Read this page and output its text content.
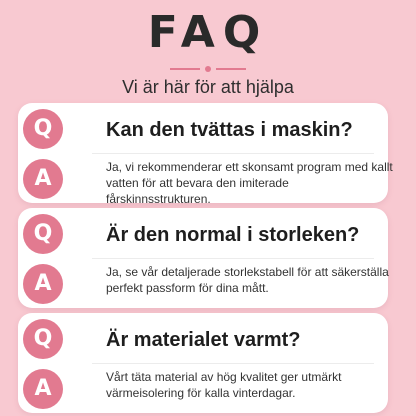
FAQ
Vi är här för att hjälpa
Q	Kan den tvättas i maskin?
A	Ja, vi rekommenderar ett skonsamt program med kallt vatten för att bevara den imiterade fårskinnsstrukturen.
Q	Är den normal i storleken?
A	Ja, se vår detaljerade storlekstabell för att säkerställa perfekt passform för dina mått.
Q	Är materialet varmt?
A	Vårt täta material av hög kvalitet ger utmärkt värmeisolering för kalla vinterdagar.
